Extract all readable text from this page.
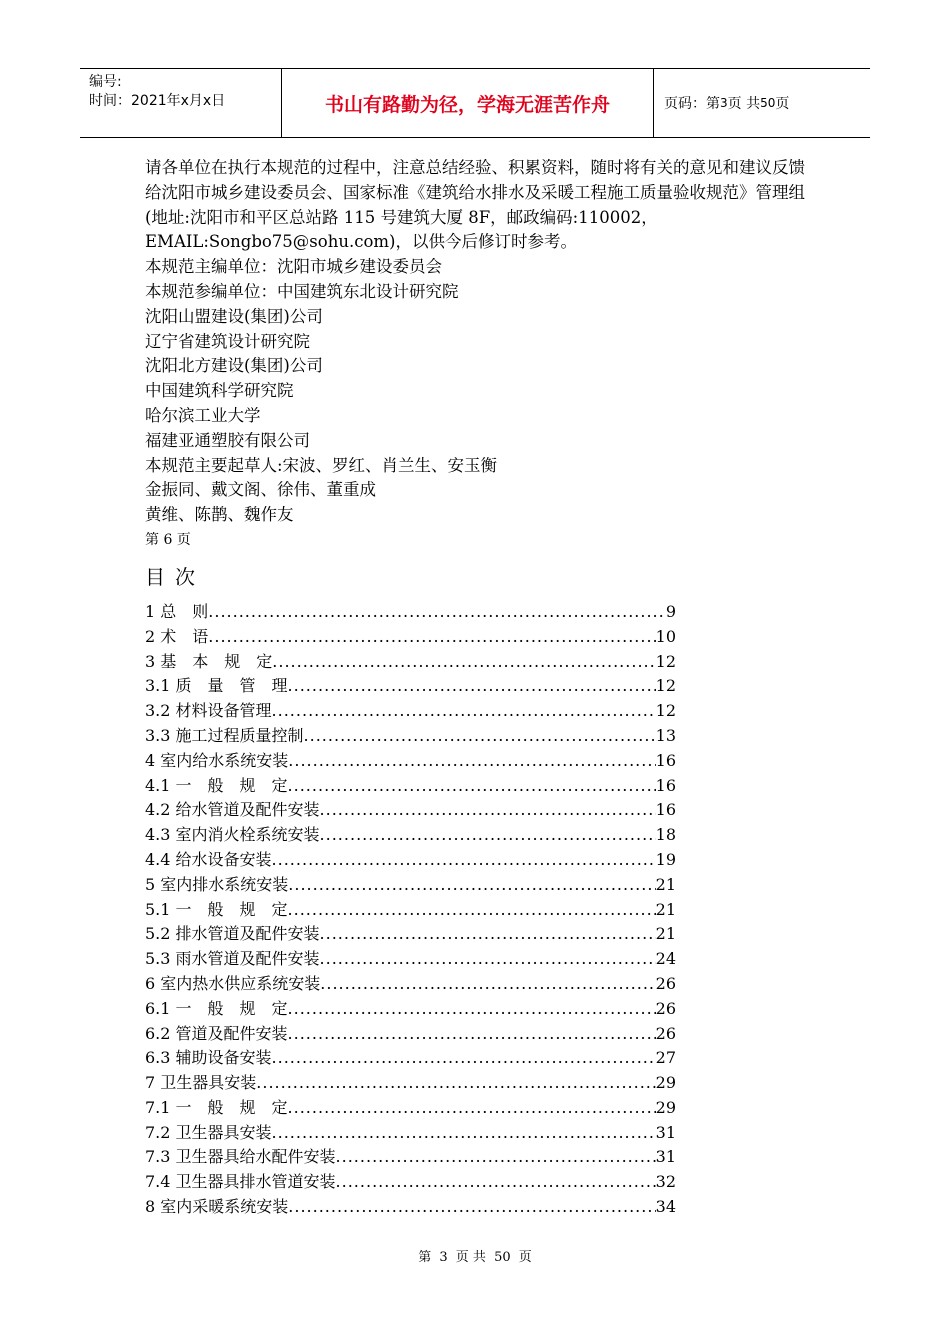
编号:
时间：2021年x月x日	书山有路勤为径，学海无涯苦作舟	页码：第 3 页 共 50 页

请各单位在执行本规范的过程中，注意总结经验、积累资料，随时将有关的意见和建议反馈给沈阳市城乡建设委员会、国家标准《建筑给水排水及采暖工程施工质量验收规范》管理组(地址:沈阳市和平区总站路 115 号建筑大厦 8F，邮政编码:110002，EMAIL:Songbo75@sohu.com)，以供今后修订时参考。

本规范主编单位：沈阳市城乡建设委员会

本规范参编单位：中国建筑东北设计研究院

沈阳山盟建设(集团)公司

辽宁省建筑设计研究院

沈阳北方建设(集团)公司

中国建筑科学研究院

哈尔滨工业大学

福建亚通塑胶有限公司

本规范主要起草人:宋波、罗红、肖兰生、安玉衡

金振同、戴文阁、徐伟、董重成

黄维、陈鹊、魏作友

第 6 页

目次
1 总　则 .....	9
2 术　语 .....	10
3 基　本　规　定 .....	12
3.1 质　量　管　理 .....	12
3.2 材料设备管理 .....	12
3.3 施工过程质量控制 .....	13
4 室内给水系统安装 .....	16
4.1 一　般　规　定 .....	16
4.2 给水管道及配件安装 .....	16
4.3 室内消火栓系统安装 .....	18
4.4 给水设备安装 .....	19
5 室内排水系统安装 .....	21
5.1 一　般　规　定 .....	21
5.2 排水管道及配件安装 .....	21
5.3 雨水管道及配件安装 .....	24
6 室内热水供应系统安装 .....	26
6.1 一　般　规　定 .....	26
6.2 管道及配件安装 .....	26
6.3 辅助设备安装 .....	27
7 卫生器具安装 .....	29
7.1 一　般　规　定 .....	29
7.2 卫生器具安装 .....	31
7.3 卫生器具给水配件安装 .....	31
7.4 卫生器具排水管道安装 .....	32
8 室内采暖系统安装 .....	34
第 3 页 共 50 页
